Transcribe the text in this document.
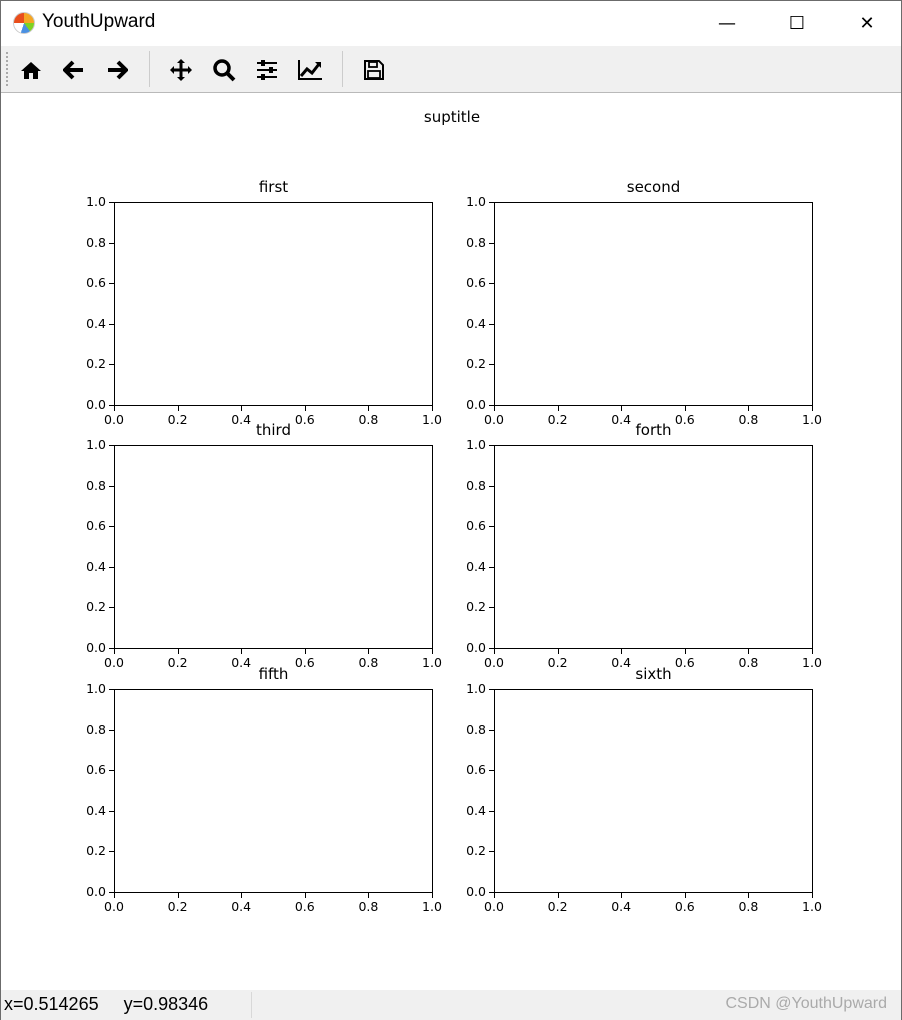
YouthUpward	—	☐	✕
suptitle
first
0.0	0.2	0.4	0.6	0.8	1.0
0.0
0.2
0.4
0.6
0.8
1.0
second
0.0	0.2	0.4	0.6	0.8	1.0
0.0
0.2
0.4
0.6
0.8
1.0
third
0.0	0.2	0.4	0.6	0.8	1.0
0.0
0.2
0.4
0.6
0.8
1.0
forth
0.0	0.2	0.4	0.6	0.8	1.0
0.0
0.2
0.4
0.6
0.8
1.0
fifth
0.0	0.2	0.4	0.6	0.8	1.0
0.0
0.2
0.4
0.6
0.8
1.0
sixth
0.0	0.2	0.4	0.6	0.8	1.0
0.0
0.2
0.4
0.6
0.8
1.0
x=0.514265     y=0.98346	CSDN @YouthUpward
